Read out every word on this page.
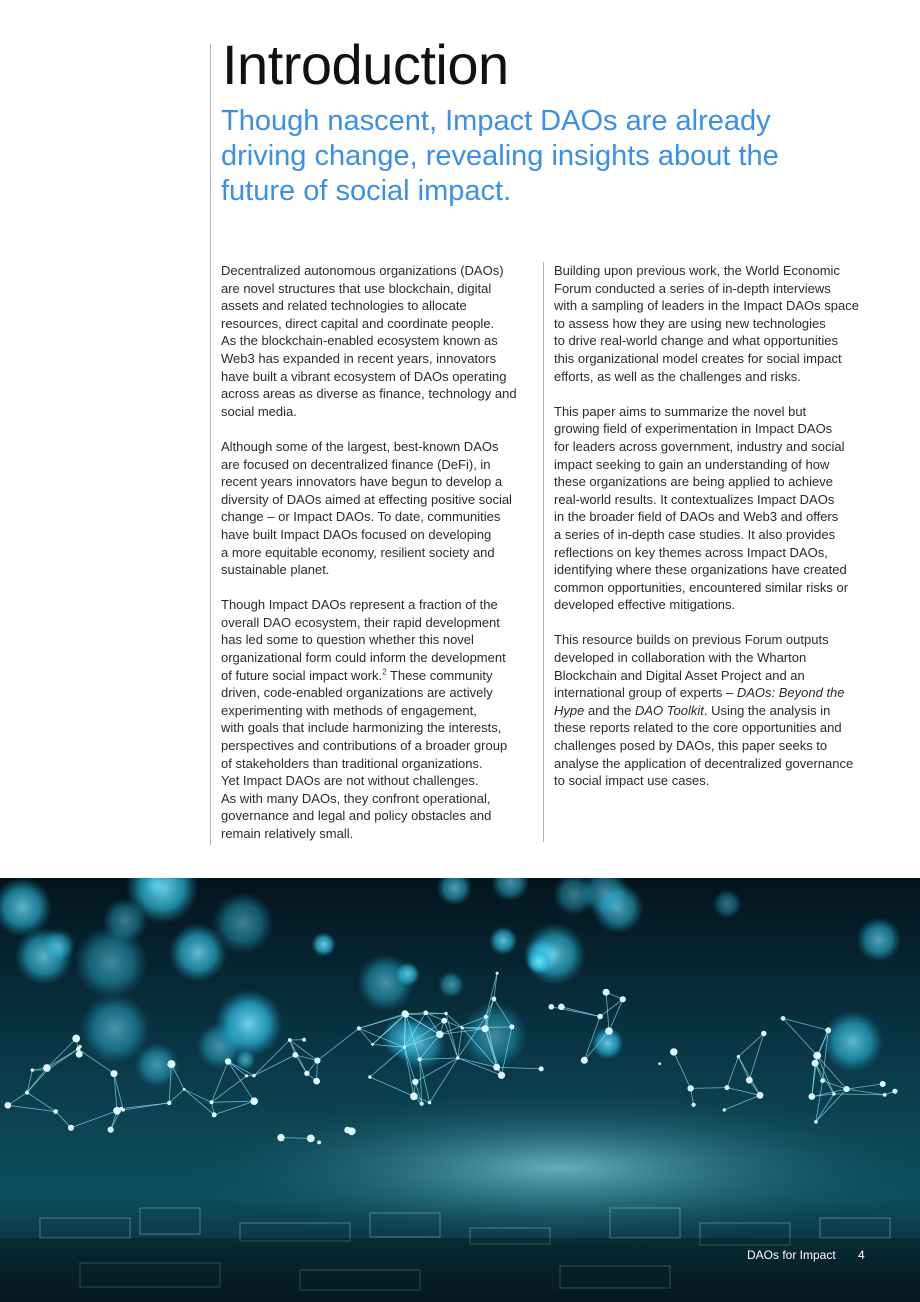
Introduction

Though nascent, Impact DAOs are already
driving change, revealing insights about the
future of social impact.

Decentralized autonomous organizations (DAOs)
are novel structures that use blockchain, digital
assets and related technologies to allocate
resources, direct capital and coordinate people.
As the blockchain-enabled ecosystem known as
Web3 has expanded in recent years, innovators
have built a vibrant ecosystem of DAOs operating
across areas as diverse as finance, technology and
social media.

Although some of the largest, best-known DAOs
are focused on decentralized finance (DeFi), in
recent years innovators have begun to develop a
diversity of DAOs aimed at effecting positive social
change – or Impact DAOs. To date, communities
have built Impact DAOs focused on developing
a more equitable economy, resilient society and
sustainable planet.

Though Impact DAOs represent a fraction of the
overall DAO ecosystem, their rapid development
has led some to question whether this novel
organizational form could inform the development
of future social impact work.$^2$ These community
driven, code-enabled organizations are actively
experimenting with methods of engagement,
with goals that include harmonizing the interests,
perspectives and contributions of a broader group
of stakeholders than traditional organizations.
Yet Impact DAOs are not without challenges.
As with many DAOs, they confront operational,
governance and legal and policy obstacles and
remain relatively small.

Building upon previous work, the World Economic
Forum conducted a series of in-depth interviews
with a sampling of leaders in the Impact DAOs space
to assess how they are using new technologies
to drive real-world change and what opportunities
this organizational model creates for social impact
efforts, as well as the challenges and risks.

This paper aims to summarize the novel but
growing field of experimentation in Impact DAOs
for leaders across government, industry and social
impact seeking to gain an understanding of how
these organizations are being applied to achieve
real-world results. It contextualizes Impact DAOs
in the broader field of DAOs and Web3 and offers
a series of in-depth case studies. It also provides
reflections on key themes across Impact DAOs,
identifying where these organizations have created
common opportunities, encountered similar risks or
developed effective mitigations.

This resource builds on previous Forum outputs
developed in collaboration with the Wharton
Blockchain and Digital Asset Project and an
international group of experts – DAOs: Beyond the
Hype and the DAO Toolkit. Using the analysis in
these reports related to the core opportunities and
challenges posed by DAOs, this paper seeks to
analyse the application of decentralized governance
to social impact use cases.

DAOs for Impact 4
